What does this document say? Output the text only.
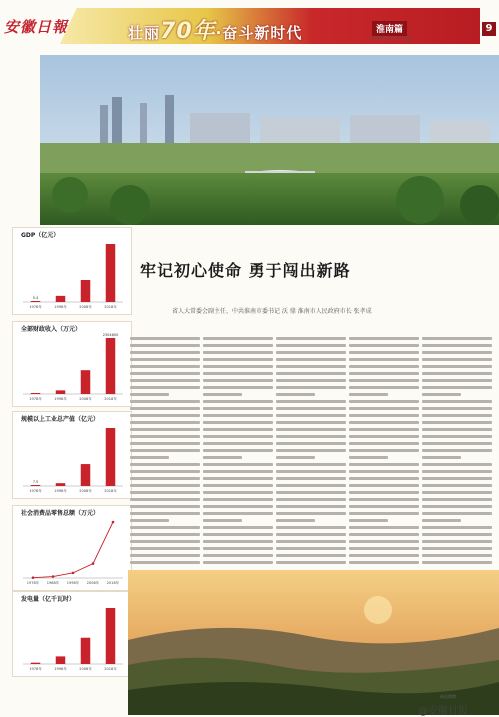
安徽日報	壮丽70年·奋斗新时代	淮南篇	9
2019年9月21日 星期六
GDP（亿元）
5.4
1978年	1998年	2008年	2018年
全部财政收入（万元）
2304600
1978年	1998年	2008年	2018年
规模以上工业总产值（亿元）
7.5
1978年	1998年	2008年	2018年
社会消费品零售总额（万元）
1978年 1988年 1998年 2008年 2018年
发电量（亿千瓦时）
1978年	1998年	2008年	2018年
牢记初心使命 勇于闯出新路
省人大常委会副主任、中共淮南市委书记 沃 鼎 淮南市人民政府市长 张孝成
新浪微博
@安徽日报
